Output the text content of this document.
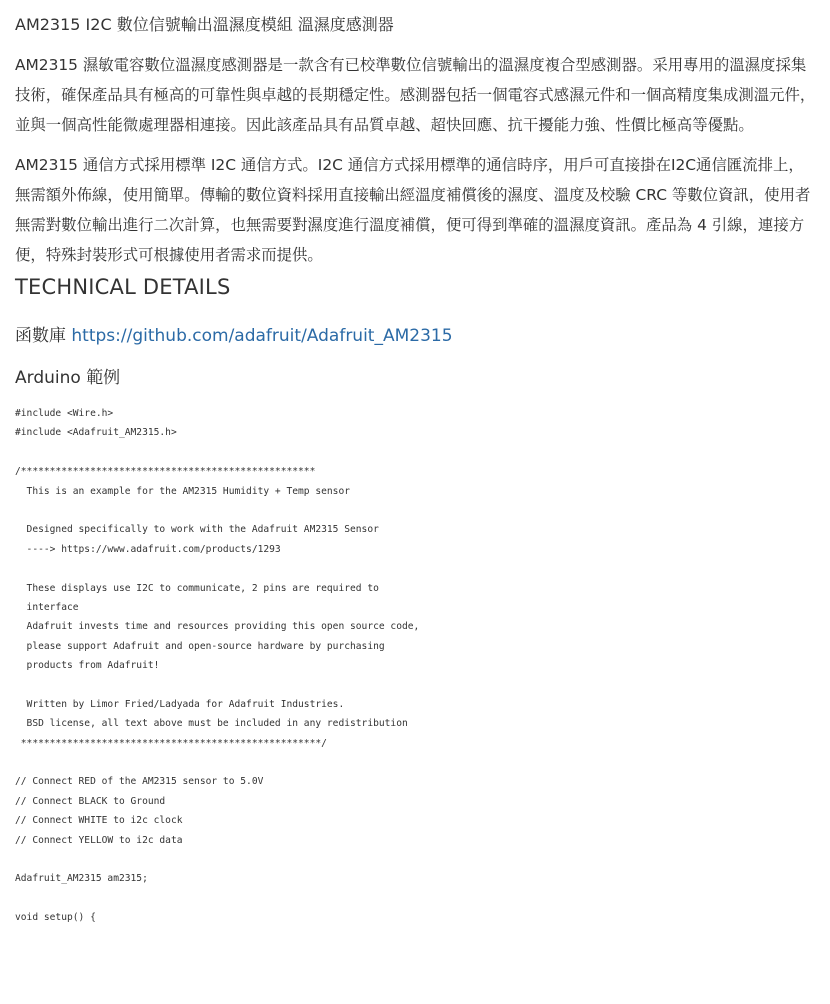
AM2315 I2C 數位信號輸出溫濕度模組 溫濕度感測器

AM2315 濕敏電容數位溫濕度感測器是一款含有已校準數位信號輸出的溫濕度複合型感測器。采用專用的溫濕度採集技術，確保產品具有極高的可靠性與卓越的長期穩定性。感測器包括一個電容式感濕元件和一個高精度集成測溫元件，並與一個高性能微處理器相連接。因此該產品具有品質卓越、超快回應、抗干擾能力強、性價比極高等優點。

AM2315 通信方式採用標準 I2C 通信方式。I2C 通信方式採用標準的通信時序，用戶可直接掛在I2C通信匯流排上，無需額外佈線，使用簡單。傳輸的數位資料採用直接輸出經溫度補償後的濕度、溫度及校驗 CRC 等數位資訊，使用者無需對數位輸出進行二次計算，也無需要對濕度進行溫度補償，便可得到準確的溫濕度資訊。產品為 4 引線，連接方便，特殊封裝形式可根據使用者需求而提供。

TECHNICAL DETAILS

函數庫 https://github.com/adafruit/Adafruit_AM2315

Arduino 範例
#include <Wire.h>
#include <Adafruit_AM2315.h>
/***************************************************
This is an example for the AM2315 Humidity + Temp sensor
Designed specifically to work with the Adafruit AM2315 Sensor
----> https://www.adafruit.com/products/1293
These displays use I2C to communicate, 2 pins are required to
interface
Adafruit invests time and resources providing this open source code,
please support Adafruit and open-source hardware by purchasing
products from Adafruit!
Written by Limor Fried/Ladyada for Adafruit Industries.
BSD license, all text above must be included in any redistribution
****************************************************/
// Connect RED of the AM2315 sensor to 5.0V
// Connect BLACK to Ground
// Connect WHITE to i2c clock
// Connect YELLOW to i2c data
Adafruit_AM2315 am2315;
void setup() {
